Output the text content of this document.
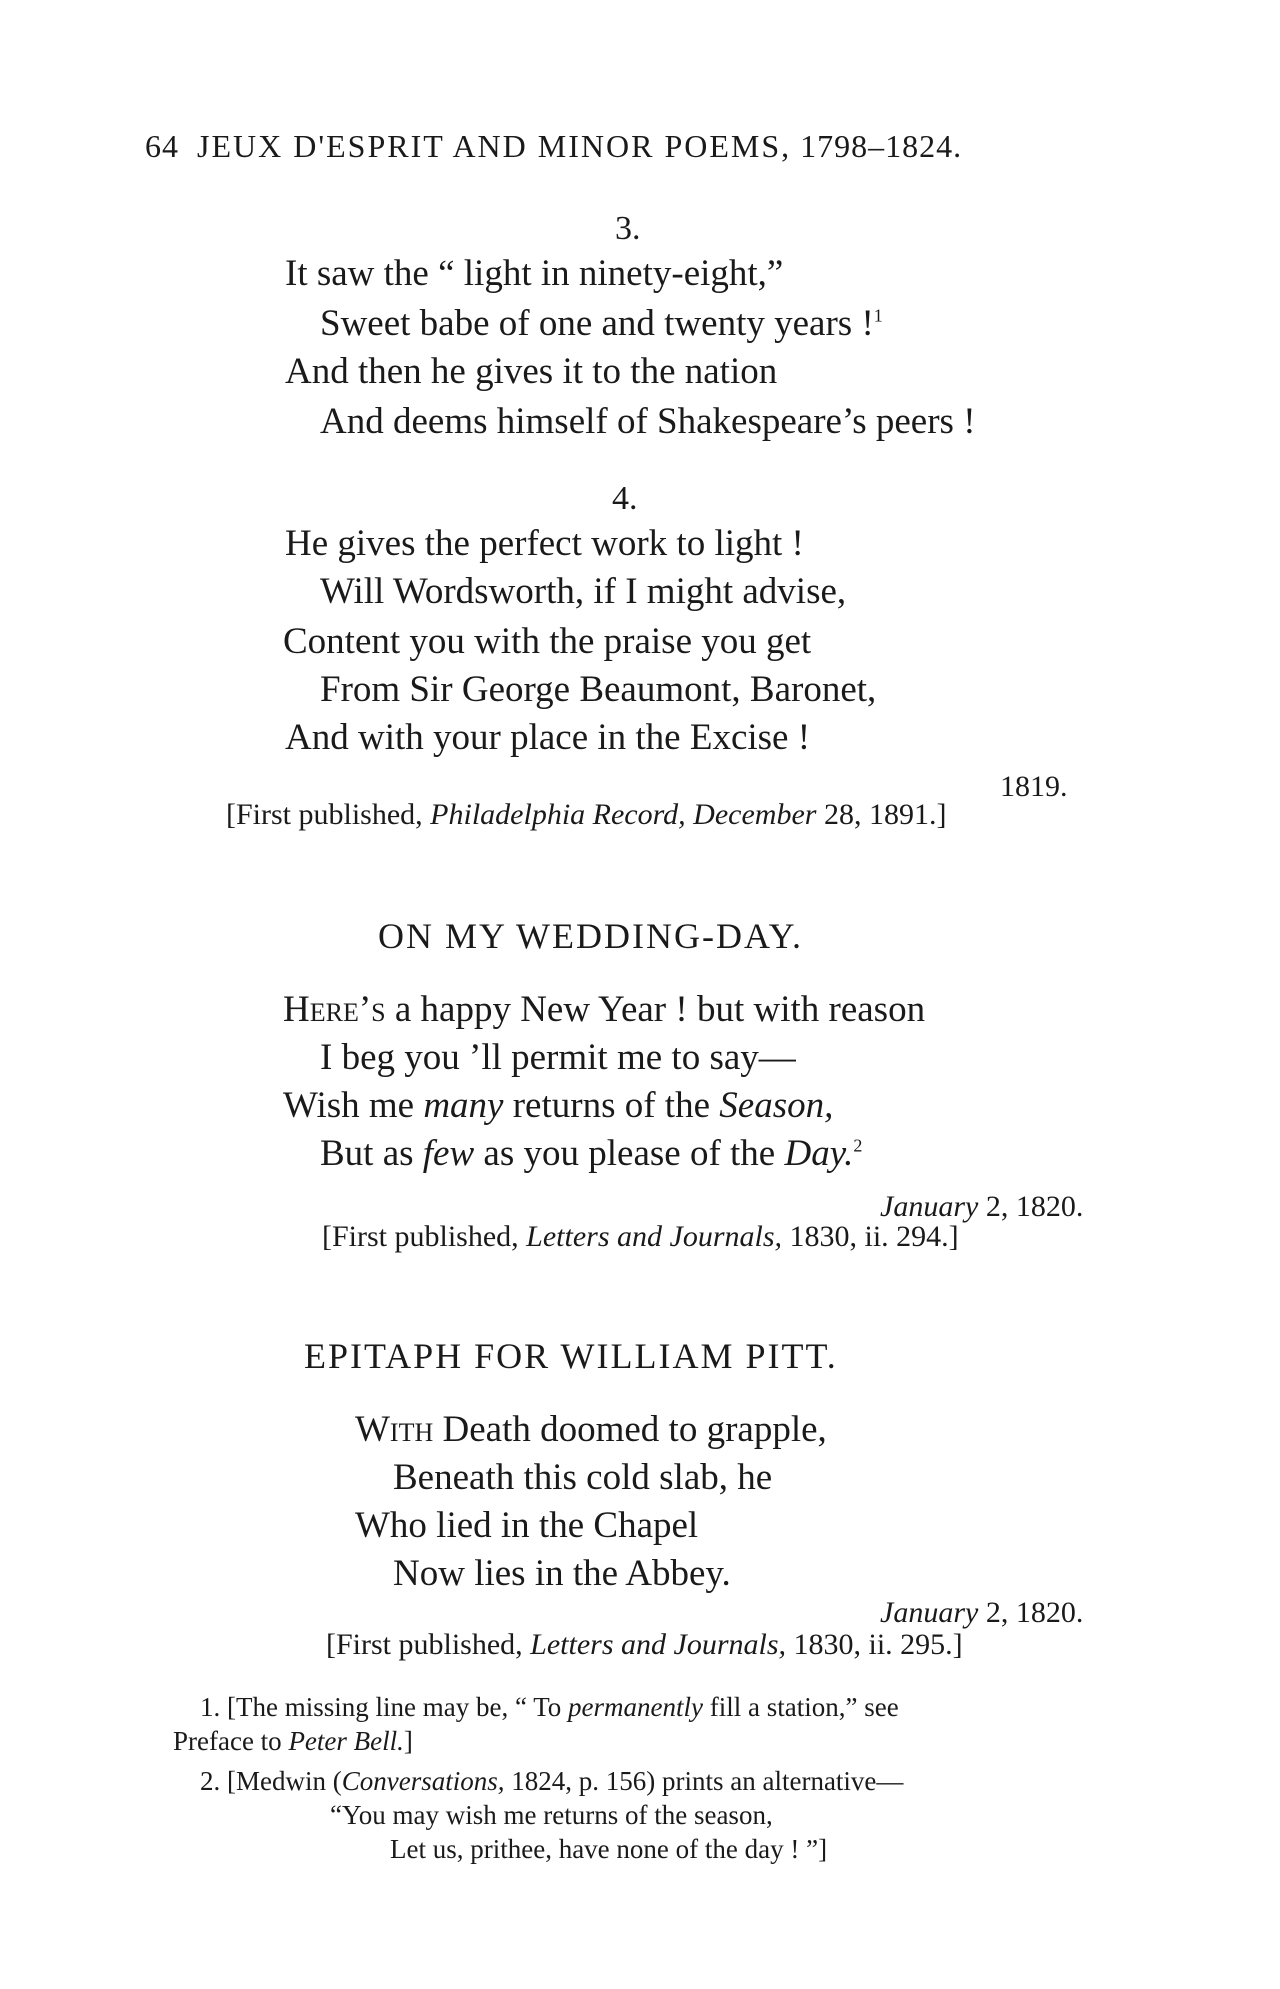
64 JEUX D'ESPRIT AND MINOR POEMS, 1798–1824.
3.
It saw the “ light in ninety-eight,”
Sweet babe of one and twenty years !$^1$
And then he gives it to the nation
And deems himself of Shakespeare’s peers !
4.
He gives the perfect work to light !
Will Wordsworth, if I might advise,
Content you with the praise you get
From Sir George Beaumont, Baronet,
And with your place in the Excise !
1819.
[First published, Philadelphia Record, December 28, 1891.]
ON MY WEDDING-DAY.
Here’s a happy New Year ! but with reason
I beg you ’ll permit me to say—
Wish me many returns of the Season,
But as few as you please of the Day.$^2$
January 2, 1820.
[First published, Letters and Journals, 1830, ii. 294.]
EPITAPH FOR WILLIAM PITT.
With Death doomed to grapple,
Beneath this cold slab, he
Who lied in the Chapel
Now lies in the Abbey.
January 2, 1820.
[First published, Letters and Journals, 1830, ii. 295.]
1. [The missing line may be, “ To permanently fill a station,” see
Preface to Peter Bell.]
2. [Medwin (Conversations, 1824, p. 156) prints an alternative—
“You may wish me returns of the season,
Let us, prithee, have none of the day ! ”]
